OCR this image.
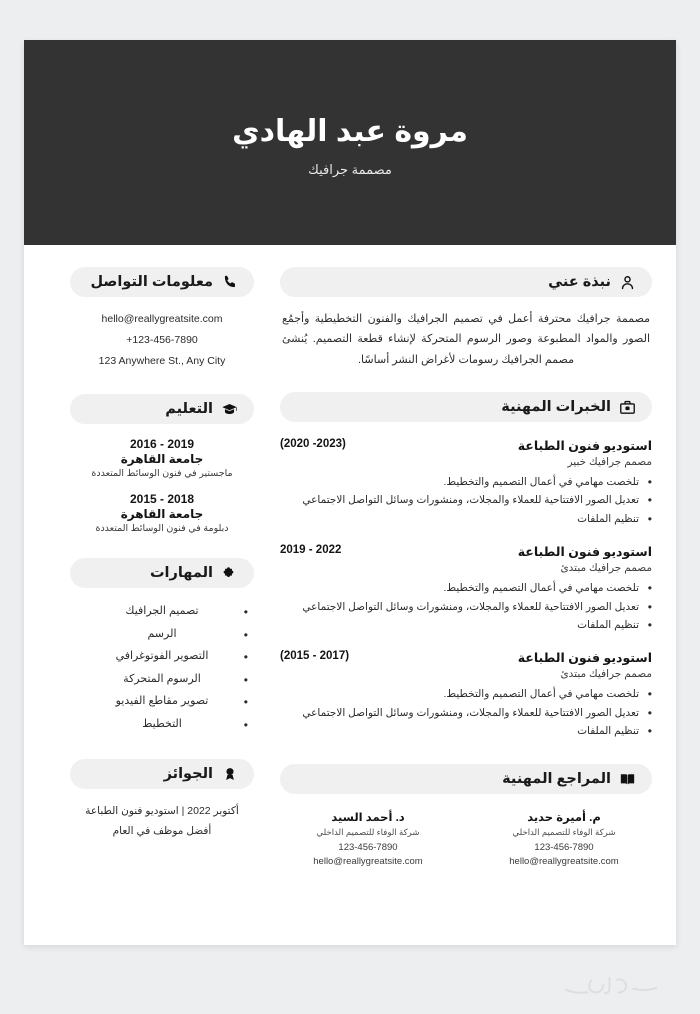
مروة عبد الهادي
مصممة جرافيك
نبذة عني
مصممة جرافيك محترفة أعمل في تصميم الجرافيك والفنون التخطيطية وأجمُع الصور والمواد المطبوعة وصور الرسوم المتحركة لإنشاء قطعة التصميم. يُنشئ مصمم الجرافيك رسومات لأغراض النشر أساسًا.
الخبرات المهنية
استوديو فنون الطباعة
(2020 -2023)
مصمم جرافيك خبير
• تلخصت مهامي في أعمال التصميم والتخطيط.
• تعديل الصور الافتتاحية للعملاء والمجلات، ومنشورات وسائل التواصل الاجتماعي
• تنظيم الملفات
استوديو فنون الطباعة
2019 - 2022
مصمم جرافيك مبتدئ
• تلخصت مهامي في أعمال التصميم والتخطيط.
• تعديل الصور الافتتاحية للعملاء والمجلات، ومنشورات وسائل التواصل الاجتماعي
• تنظيم الملفات
استوديو فنون الطباعة
(2015 - 2017)
مصمم جرافيك مبتدئ
• تلخصت مهامي في أعمال التصميم والتخطيط.
• تعديل الصور الافتتاحية للعملاء والمجلات، ومنشورات وسائل التواصل الاجتماعي
• تنظيم الملفات
المراجع المهنية
م. أميرة حديد
شركة الوفاء للتصميم الداخلي
123-456-7890
hello@reallygreatsite.com
د. أحمد السيد
شركة الوفاء للتصميم الداخلي
123-456-7890
hello@reallygreatsite.com
معلومات التواصل
hello@reallygreatsite.com
+123-456-7890
123 Anywhere St., Any City
التعليم
2016 - 2019
جامعة القاهرة
ماجستير في فنون الوسائط المتعددة
2015 - 2018
جامعة القاهرة
دبلومة في فنون الوسائط المتعددة
المهارات
تصميم الجرافيك •
الرسم •
التصوير الفوتوغرافي •
الرسوم المتحركة •
تصوير مقاطع الفيديو •
التخطيط •
الجوائز
أكتوبر 2022 | استوديو فنون الطباعة
أفضل موظف في العام
